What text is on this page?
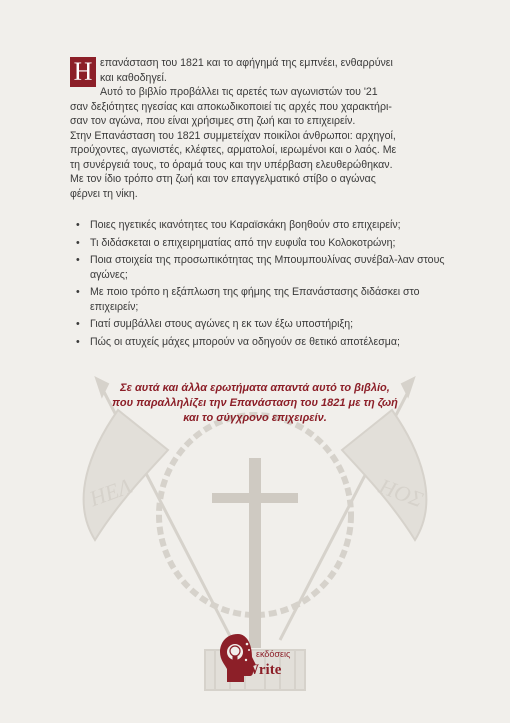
ΗΕΛ	ΗΟΣ
Η επανάσταση του 1821 και το αφήγημά της εμπνέει, ενθαρρύνει

και καθοδηγεί.

Αυτό το βιβλίο προβάλλει τις αρετές των αγωνιστών του '21

σαν δεξιότητες ηγεσίας και αποκωδικοποιεί τις αρχές που χαρακτήρι-

σαν τον αγώνα, που είναι χρήσιμες στη ζωή και το επιχειρείν.

Στην Επανάσταση του 1821 συμμετείχαν ποικίλοι άνθρωποι: αρχηγοί,

πρoύχοντες, αγωνιστές, κλέφτες, αρματολοί, ιερωμένοι και ο λαός. Με

τη συνέργειά τους, το όραμά τους και την υπέρβαση ελευθερώθηκαν.

Με τον ίδιο τρόπο στη ζωή και τον επαγγελματικό στίβο ο αγώνας

φέρνει τη νίκη.

• Ποιες ηγετικές ικανότητες του Καραϊσκάκη βοηθούν στο επιχειρείν;
• Τι διδάσκεται ο επιχειρηματίας από την ευφυΐα του Κολοκοτρώνη;
• Ποια στοιχεία της προσωπικότητας της Μπουμπουλίνας συνέβαλ-λαν στους αγώνες;
• Με ποιο τρόπο η εξάπλωση της φήμης της Επανάστασης διδάσκει στο επιχειρείν;
• Γιατί συμβάλλει στους αγώνες η εκ των έξω υποστήριξη;
• Πώς οι ατυχείς μάχες μπορούν να οδηγούν σε θετικό αποτέλεσμα;
Σε αυτά και άλλα ερωτήματα απαντά αυτό το βιβλίο,
που παραλληλίζει την Επανάσταση του 1821 με τη ζωή
και το σύγχρονο επιχειρείν.
εκδόσεις
iWrite
